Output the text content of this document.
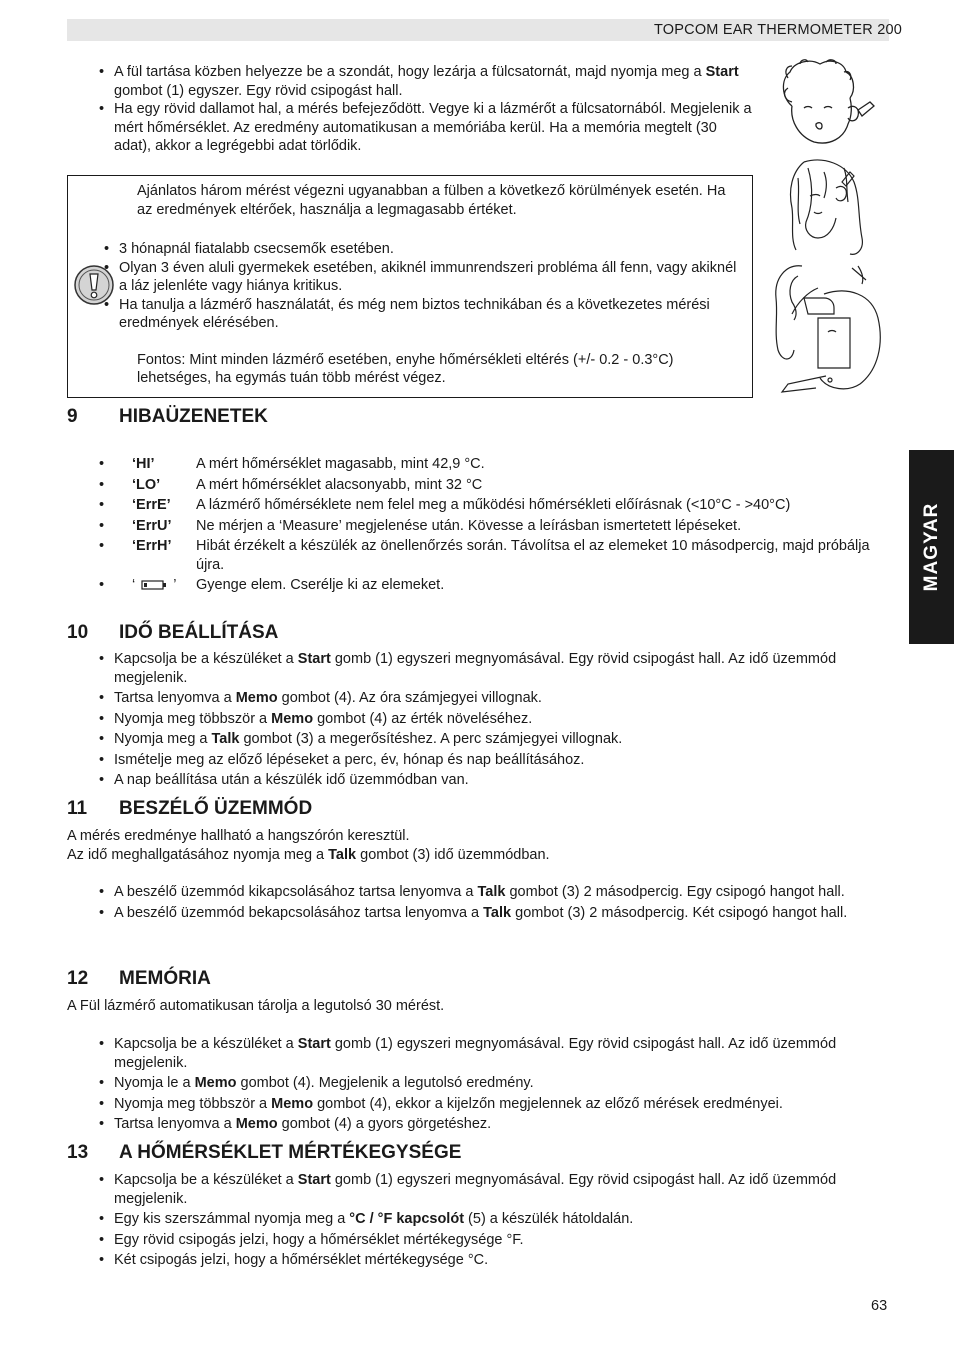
TOPCOM EAR THERMOMETER 200
MAGYAR
• A fül tartása közben helyezze be a szondát, hogy lezárja a fülcsatornát, majd nyomja meg a Start gombot (1) egyszer. Egy rövid csipogást hall.
• Ha egy rövid dallamot hal, a mérés befejeződött. Vegye ki a lázmérőt a fülcsatornából. Megjelenik a mért hőmérséklet. Az eredmény automatikusan a memóriába kerül. Ha a memória megtelt (30 adat), akkor a legrégebbi adat törlődik.

Ajánlatos három mérést végezni ugyanabban a fülben a következő körülmények esetén. Ha az eredmények eltérőek, használja a legmagasabb értéket.

• 3 hónapnál fiatalabb csecsemők esetében.
• Olyan 3 éven aluli gyermekek esetében, akiknél immunrendszeri probléma áll fenn, vagy akiknél a láz jelenléte vagy hiánya kritikus.
• Ha tanulja a lázmérő használatát, és még nem biztos technikában és a következetes mérési eredmények elérésében.

Fontos: Mint minden lázmérő esetében, enyhe hőmérsékleti eltérés (+/- 0.2 - 0.3°C) lehetséges, ha egymás tuán több mérést végez.

9 HIBAÜZENETEK
• ‘HI’	A mért hőmérséklet magasabb, mint 42,9 °C.
• ‘LO’	A mért hőmérséklet alacsonyabb, mint 32 °C
• ‘ErrE’	A lázmérő hőmérséklete nem felel meg a működési hőmérsékleti előírásnak (<10°C - >40°C)
• ‘ErrU’	Ne mérjen a ‘Measure’ megjelenése után. Kövesse a leírásban ismertetett lépéseket.
• ‘ErrH’	Hibát érzékelt a készülék az önellenőrzés során. Távolítsa el az elemeket 10 másodpercig, majd próbálja újra.
• ‘	’	Gyenge elem. Cserélje ki az elemeket.
10 IDŐ BEÁLLÍTÁSA
• Kapcsolja be a készüléket a Start gomb (1) egyszeri megnyomásával. Egy rövid csipogást hall. Az idő üzemmód megjelenik.
• Tartsa lenyomva a Memo gombot (4). Az óra számjegyei villognak.
• Nyomja meg többször a Memo gombot (4) az érték növeléséhez.
• Nyomja meg a Talk gombot (3) a megerősítéshez. A perc számjegyei villognak.
• Ismételje meg az előző lépéseket a perc, év, hónap és nap beállításához.
• A nap beállítása után a készülék idő üzemmódban van.
11 BESZÉLŐ ÜZEMMÓD

A mérés eredménye hallható a hangszórón keresztül.

Az idő meghallgatásához nyomja meg a Talk gombot (3) idő üzemmódban.

• A beszélő üzemmód kikapcsolásához tartsa lenyomva a Talk gombot (3) 2 másodpercig. Egy csipogó hangot hall.
• A beszélő üzemmód bekapcsolásához tartsa lenyomva a Talk gombot (3) 2 másodpercig. Két csipogó hangot hall.
12 MEMÓRIA

A Fül lázmérő automatikusan tárolja a legutolsó 30 mérést.

• Kapcsolja be a készüléket a Start gomb (1) egyszeri megnyomásával. Egy rövid csipogást hall. Az idő üzemmód megjelenik.
• Nyomja le a Memo gombot (4). Megjelenik a legutolsó eredmény.
• Nyomja meg többször a Memo gombot (4), ekkor a kijelzőn megjelennek az előző mérések eredményei.
• Tartsa lenyomva a Memo gombot (4) a gyors görgetéshez.
13 A HŐMÉRSÉKLET MÉRTÉKEGYSÉGE
• Kapcsolja be a készüléket a Start gomb (1) egyszeri megnyomásával. Egy rövid csipogást hall. Az idő üzemmód megjelenik.
• Egy kis szerszámmal nyomja meg a °C / °F kapcsolót (5) a készülék hátoldalán.
• Egy rövid csipogás jelzi, hogy a hőmérséklet mértékegysége °F.
• Két csipogás jelzi, hogy a hőmérséklet mértékegysége °C.
63
